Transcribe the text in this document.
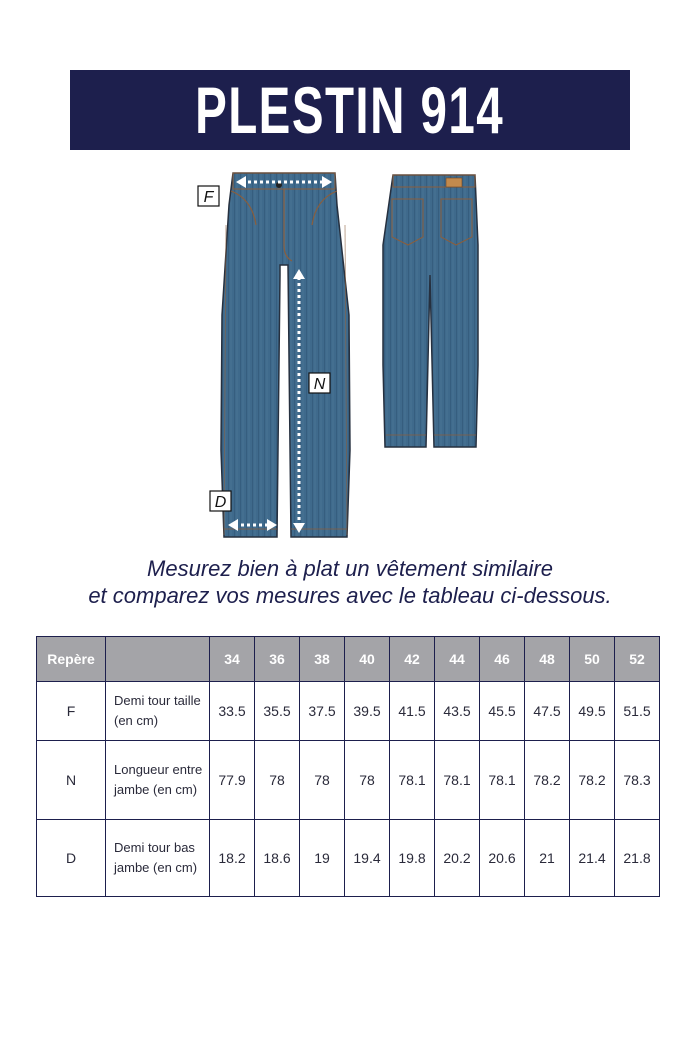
PLESTIN 914
F
N
D
Mesurez bien à plat un vêtement similaire
et comparez vos mesures avec le tableau ci-dessous.
Repère		34	36	38	40	42	44	46	48	50	52
F	Demi tour taille (en cm)	33.5	35.5	37.5	39.5	41.5	43.5	45.5	47.5	49.5	51.5
N	Longueur entre jambe (en cm)	77.9	78	78	78	78.1	78.1	78.1	78.2	78.2	78.3
D	Demi tour bas jambe (en cm)	18.2	18.6	19	19.4	19.8	20.2	20.6	21	21.4	21.8
